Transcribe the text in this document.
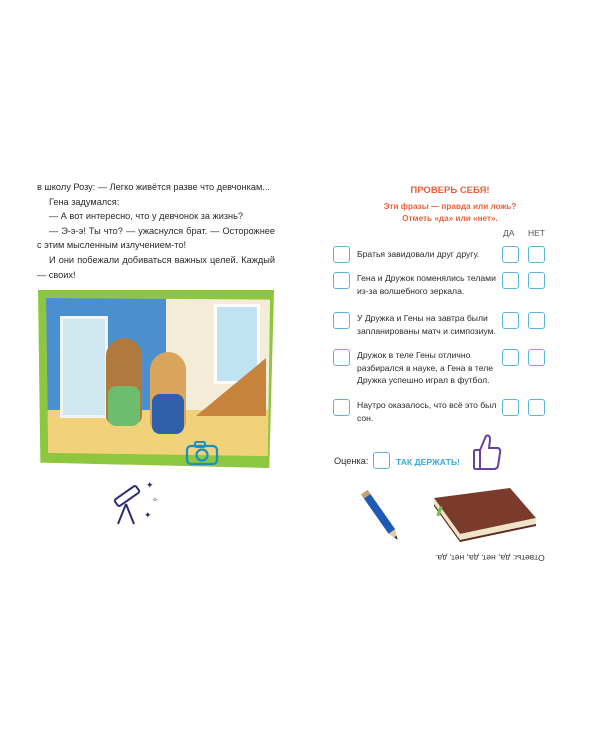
в школу Розу: — Легко живётся разве что девчонкам...

Гена задумался:

— А вот интересно, что у девчонок за жизнь?

— Э-э-э! Ты что? — ужаснулся брат. — Осторожнее с этим мысленным излучением-то!

И они побежали добиваться важных целей. Каждый — своих!

✦
✧
✦
ПРОВЕРЬ СЕБЯ!
Эти фразы — правда или ложь?
Отметь «да» или «нет».
ДА НЕТ
Братья завидовали друг другу.
Гена и Дружок поменялись телами из-за волшебного зеркала.
У Дружка и Гены на завтра были запланированы матч и симпозиум.
Дружок в теле Гены отлично разбирался в науке, а Гена в теле Дружка успешно играл в футбол.
Наутро оказалось, что всё это был сон.
Оценка:	ТАК ДЕРЖАТЬ!
Ответы: да, нет, да, нет, да.
